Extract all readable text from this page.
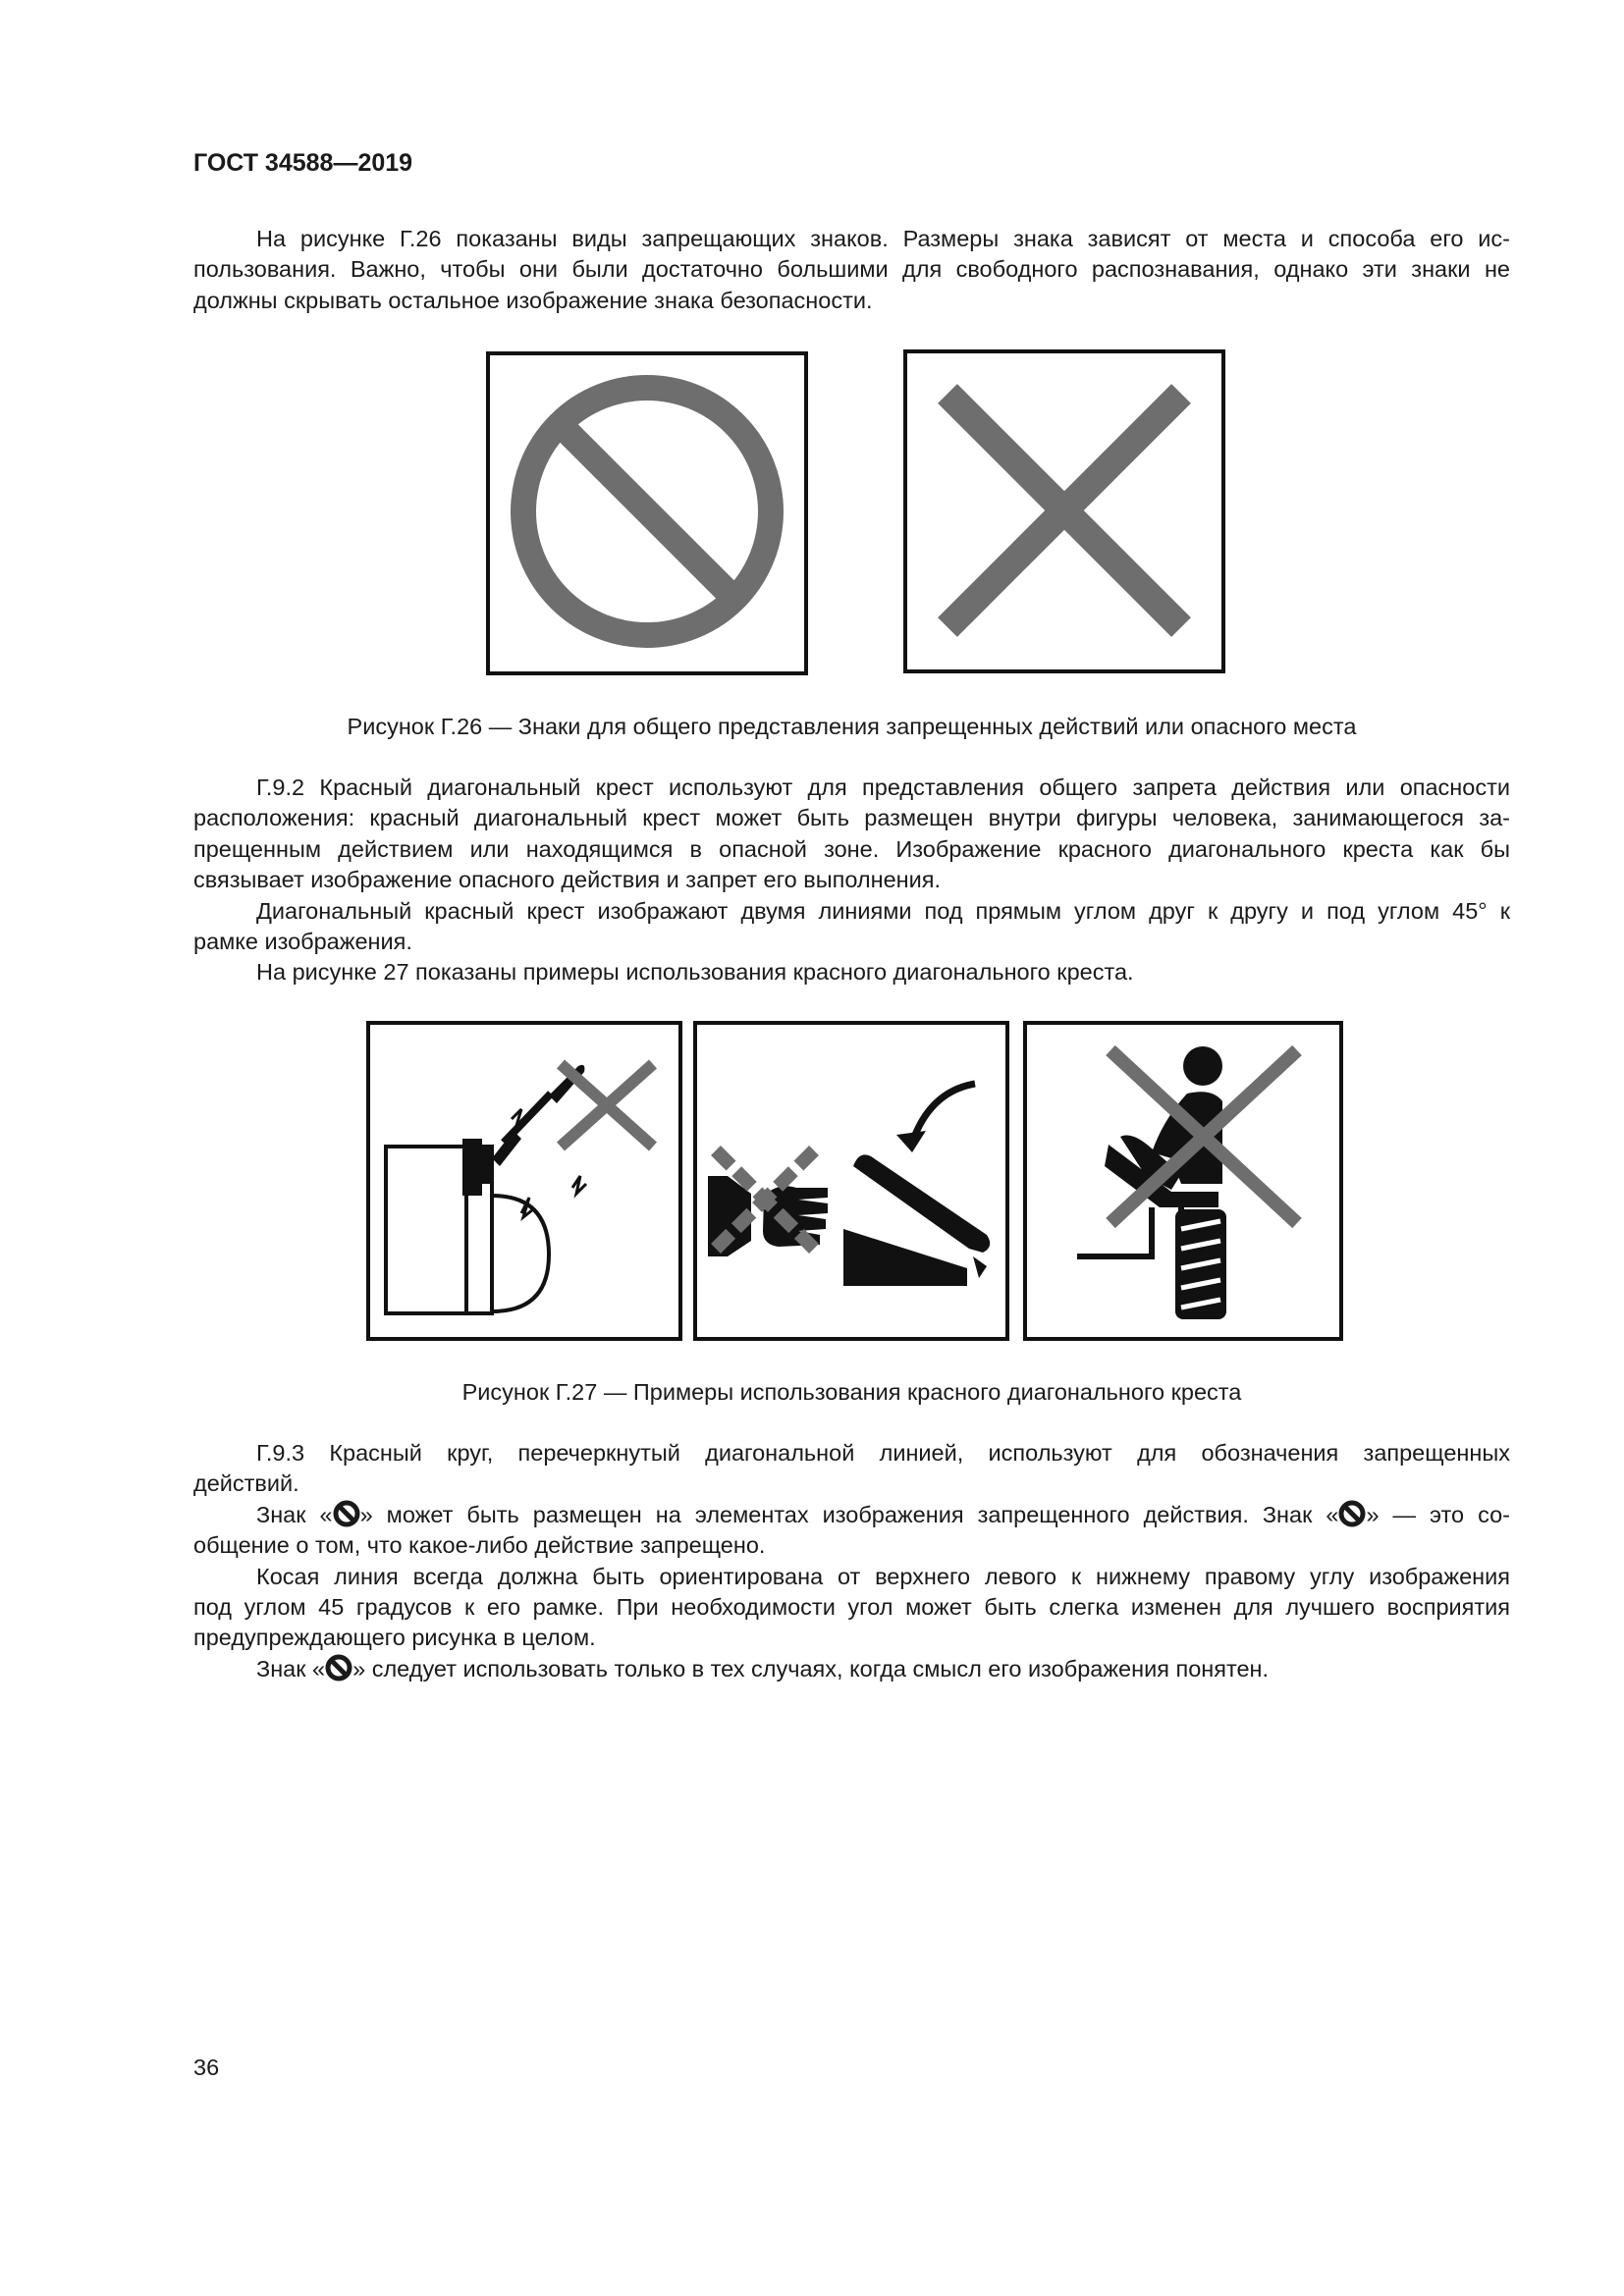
ГОСТ 34588—2019

На рисунке Г.26 показаны виды запрещающих знаков. Размеры знака зависят от места и способа его ис-
пользования. Важно, чтобы они были достаточно большими для свободного распознавания, однако эти знаки не
должны скрывать остальное изображение знака безопасности.

Рисунок Г.26 — Знаки для общего представления запрещенных действий или опасного места

Г.9.2 Красный диагональный крест используют для представления общего запрета действия или опасности
расположения: красный диагональный крест может быть размещен внутри фигуры человека, занимающегося за-
прещенным действием или находящимся в опасной зоне. Изображение красного диагонального креста как бы
связывает изображение опасного действия и запрет его выполнения.

Диагональный красный крест изображают двумя линиями под прямым углом друг к другу и под углом 45° к
рамке изображения.

На рисунке 27 показаны примеры использования красного диагонального креста.

Рисунок Г.27 — Примеры использования красного диагонального креста

Г.9.3 Красный круг, перечеркнутый диагональной линией, используют для обозначения запрещенных
действий.

Знак « » может быть размещен на элементах изображения запрещенного действия. Знак « » — это со-
общение о том, что какое-либо действие запрещено.

Косая линия всегда должна быть ориентирована от верхнего левого к нижнему правому углу изображения
под углом 45 градусов к его рамке. При необходимости угол может быть слегка изменен для лучшего восприятия
предупреждающего рисунка в целом.

Знак « » следует использовать только в тех случаях, когда смысл его изображения понятен.

36
